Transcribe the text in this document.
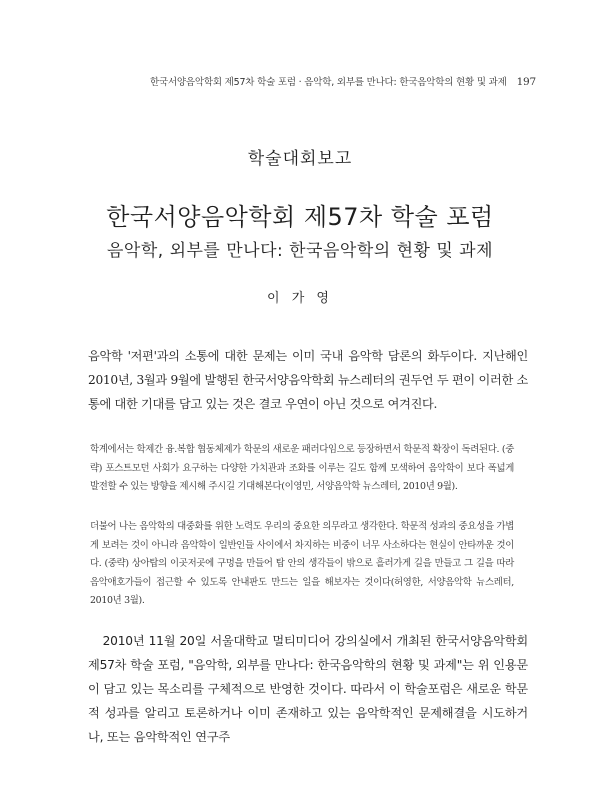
한국서양음악학회 제57차 학술 포럼 · 음악학, 외부를 만나다: 한국음악학의 현황 및 과제 197
학술대회보고
한국서양음악학회 제57차 학술 포럼
음악학, 외부를 만나다: 한국음악학의 현황 및 과제
이 가 영
음악학 '저편'과의 소통에 대한 문제는 이미 국내 음악학 담론의 화두이다. 지난해인 2010년, 3월과 9월에 발행된 한국서양음악학회 뉴스레터의 권두언 두 편이 이러한 소통에 대한 기대를 담고 있는 것은 결코 우연이 아닌 것으로 여겨진다.
학계에서는 학제간 융.복합 협동체제가 학문의 새로운 패러다임으로 등장하면서 학문적 확장이 독려된다. (중략) 포스트모던 사회가 요구하는 다양한 가치관과 조화를 이루는 길도 함께 모색하여 음악학이 보다 폭넓게 발전할 수 있는 방향을 제시해 주시길 기대해본다(이영민, 서양음악학 뉴스레터, 2010년 9월).
더불어 나는 음악학의 대중화를 위한 노력도 우리의 중요한 의무라고 생각한다. 학문적 성과의 중요성을 가볍게 보려는 것이 아니라 음악학이 일반인들 사이에서 차지하는 비중이 너무 사소하다는 현실이 안타까운 것이다. (중략) 상아탑의 이곳저곳에 구멍을 만들어 탑 안의 생각들이 밖으로 흘러가게 길을 만들고 그 길을 따라 음악애호가들이 접근할 수 있도록 안내판도 만드는 일을 해보자는 것이다(허영한, 서양음악학 뉴스레터, 2010년 3월).
2010년 11월 20일 서울대학교 멀티미디어 강의실에서 개최된 한국서양음악학회 제57차 학술 포럼, "음악학, 외부를 만나다: 한국음악학의 현황 및 과제"는 위 인용문이 담고 있는 목소리를 구체적으로 반영한 것이다. 따라서 이 학술포럼은 새로운 학문적 성과를 알리고 토론하거나 이미 존재하고 있는 음악학적인 문제해결을 시도하거나, 또는 음악학적인 연구주
